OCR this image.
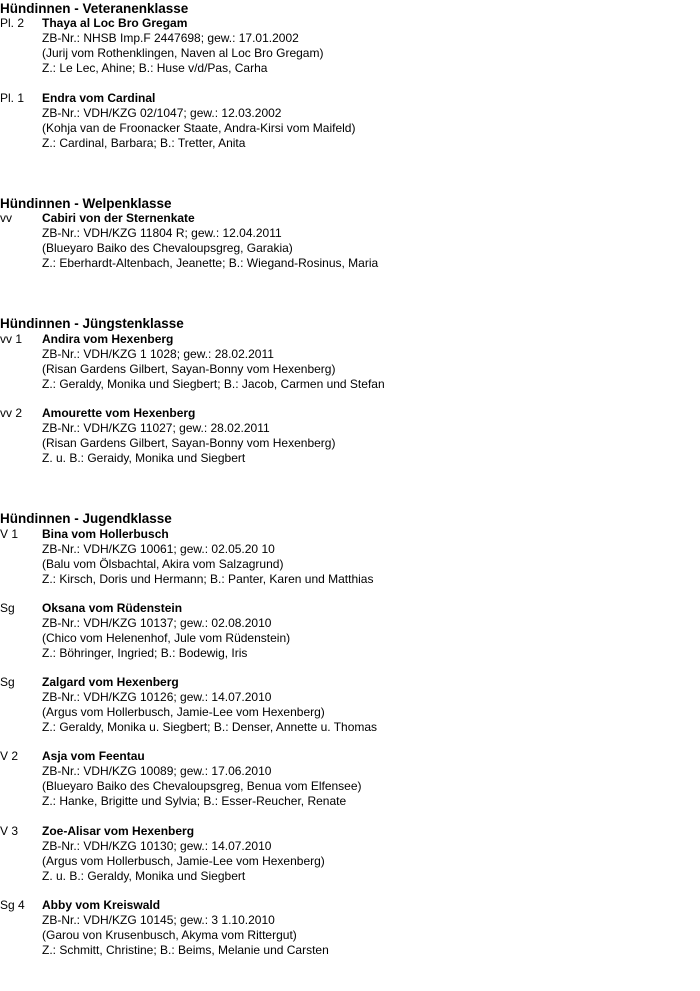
Hündinnen - Veteranenklasse
Pl. 2 Thaya al Loc Bro Gregam
ZB-Nr.: NHSB Imp.F 2447698; gew.: 17.01.2002
(Jurij vom Rothenklingen, Naven al Loc Bro Gregam)
Z.: Le Lec, Ahine; B.: Huse v/d/Pas, Carha
Pl. 1 Endra vom Cardinal
ZB-Nr.: VDH/KZG 02/1047; gew.: 12.03.2002
(Kohja van de Froonacker Staate, Andra-Kirsi vom Maifeld)
Z.: Cardinal, Barbara; B.: Tretter, Anita
Hündinnen - Welpenklasse
vv	Cabiri von der Sternenkate
ZB-Nr.: VDH/KZG 11804 R; gew.: 12.04.2011
(Blueyaro Baiko des Chevaloupsgreg, Garakia)
Z.: Eberhardt-Altenbach, Jeanette; B.: Wiegand-Rosinus, Maria
Hündinnen - Jüngstenklasse
vv 1 Andira vom Hexenberg
ZB-Nr.: VDH/KZG 1 1028; gew.: 28.02.2011
(Risan Gardens Gilbert, Sayan-Bonny vom Hexenberg)
Z.: Geraldy, Monika und Siegbert; B.: Jacob, Carmen und Stefan
vv 2 Amourette vom Hexenberg
ZB-Nr.: VDH/KZG 11027; gew.: 28.02.2011
(Risan Gardens Gilbert, Sayan-Bonny vom Hexenberg)
Z. u. B.: Geraidy, Monika und Siegbert
Hündinnen - Jugendklasse
V 1 Bina vom Hollerbusch
ZB-Nr.: VDH/KZG 10061; gew.: 02.05.20 10
(Balu vom Ölsbachtal, Akira vom Salzagrund)
Z.: Kirsch, Doris und Hermann; B.: Panter, Karen und Matthias
Sg Oksana vom Rüdenstein
ZB-Nr.: VDH/KZG 10137; gew.: 02.08.2010
(Chico vom Helenenhof, Jule vom Rüdenstein)
Z.: Böhringer, Ingried; B.: Bodewig, Iris
Sg Zalgard vom Hexenberg
ZB-Nr.: VDH/KZG 10126; gew.: 14.07.2010
(Argus vom Hollerbusch, Jamie-Lee vom Hexenberg)
Z.: Geraldy, Monika u. Siegbert; B.: Denser, Annette u. Thomas
V 2 Asja vom Feentau
ZB-Nr.: VDH/KZG 10089; gew.: 17.06.2010
(Blueyaro Baiko des Chevaloupsgreg, Benua vom Elfensee)
Z.: Hanke, Brigitte und Sylvia; B.: Esser-Reucher, Renate
V 3 Zoe-Alisar vom Hexenberg
ZB-Nr.: VDH/KZG 10130; gew.: 14.07.2010
(Argus vom Hollerbusch, Jamie-Lee vom Hexenberg)
Z. u. B.: Geraldy, Monika und Siegbert
Sg 4 Abby vom Kreiswald
ZB-Nr.: VDH/KZG 10145; gew.: 3 1.10.2010
(Garou von Krusenbusch, Akyma vom Rittergut)
Z.: Schmitt, Christine; B.: Beims, Melanie und Carsten
